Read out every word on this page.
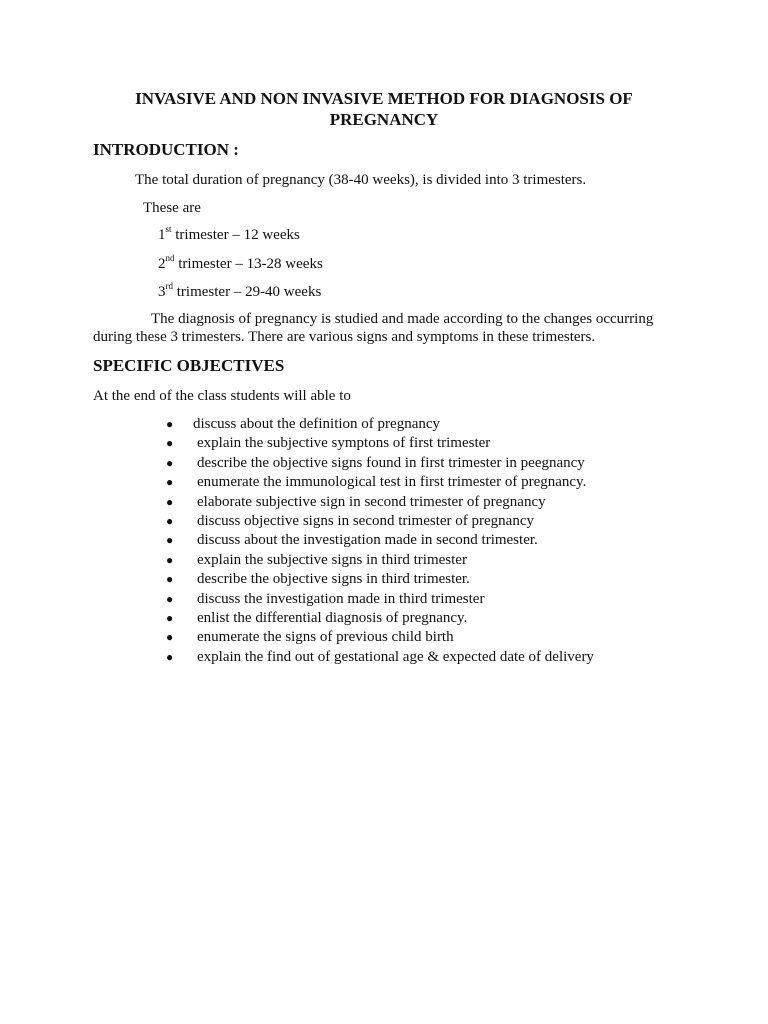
INVASIVE AND NON INVASIVE METHOD FOR DIAGNOSIS OF
PREGNANCY
INTRODUCTION :
The total duration of pregnancy (38-40 weeks), is divided into 3 trimesters.
These are
1st trimester – 12 weeks
2nd trimester – 13-28 weeks
3rd trimester – 29-40 weeks
The diagnosis of pregnancy is studied and made according to the changes occurring
during these 3 trimesters. There are various signs and symptoms in these trimesters.
SPECIFIC OBJECTIVES
At the end of the class students will able to
● discuss about the definition of pregnancy
● explain the subjective symptons of first trimester
● describe the objective signs found in first trimester in peegnancy
● enumerate the immunological test in first trimester of pregnancy.
● elaborate subjective sign in second trimester of pregnancy
● discuss objective signs in second trimester of pregnancy
● discuss about the investigation made in second trimester.
● explain the subjective signs in third trimester
● describe the objective signs in third trimester.
● discuss the investigation made in third trimester
● enlist the differential diagnosis of pregnancy.
● enumerate the signs of previous child birth
● explain the find out of gestational age & expected date of delivery
